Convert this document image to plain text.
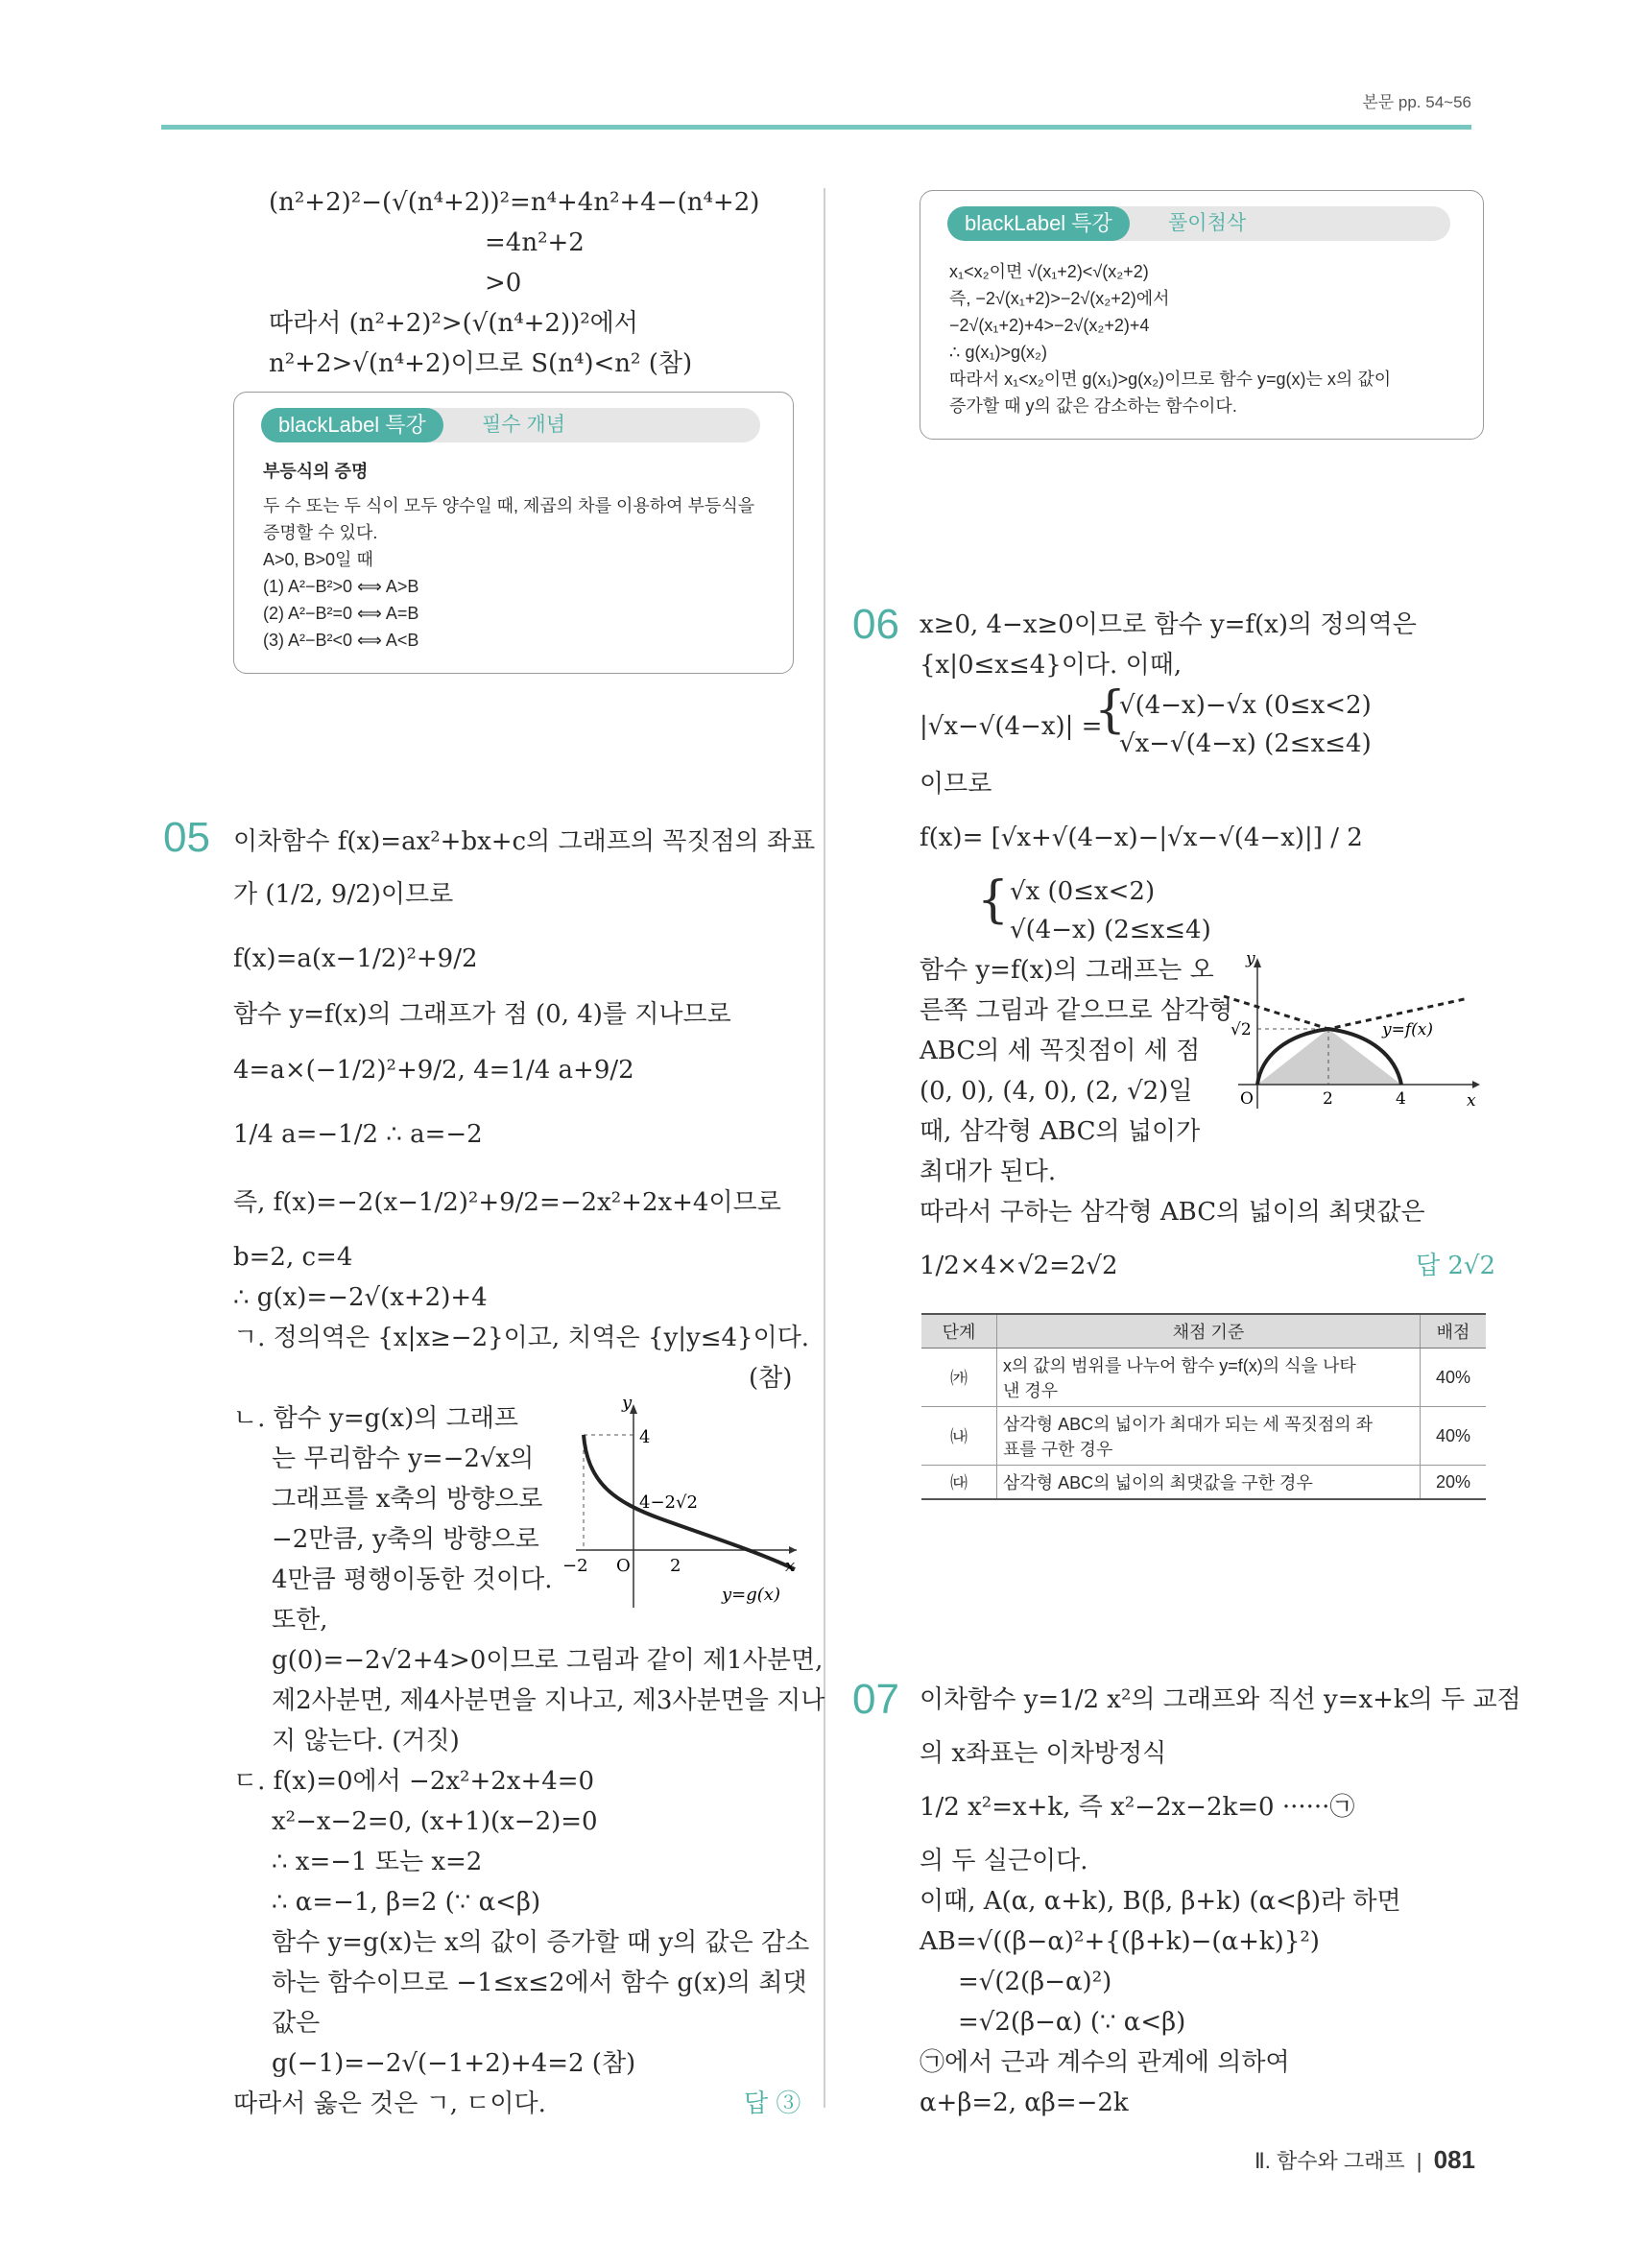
본문 pp. 54~56
(n²+2)²−(√(n⁴+2))²=n⁴+4n²+4−(n⁴+2)
=4n²+2
>0
따라서 (n²+2)²>(√(n⁴+2))²에서
n²+2>√(n⁴+2)이므로 S(n⁴)<n² (참)
blackLabel 특강	필수 개념
부등식의 증명
두 수 또는 두 식이 모두 양수일 때, 제곱의 차를 이용하여 부등식을
증명할 수 있다.
A>0, B>0일 때
(1) A²−B²>0 ⟺ A>B
(2) A²−B²=0 ⟺ A=B
(3) A²−B²<0 ⟺ A<B
05 이차함수 f(x)=ax²+bx+c의 그래프의 꼭짓점의 좌표
가 (1/2, 9/2)이므로
f(x)=a(x−1/2)²+9/2
함수 y=f(x)의 그래프가 점 (0, 4)를 지나므로
4=a×(−1/2)²+9/2, 4=1/4 a+9/2
1/4 a=−1/2 ∴ a=−2
즉, f(x)=−2(x−1/2)²+9/2=−2x²+2x+4이므로
b=2, c=4
∴ g(x)=−2√(x+2)+4
ㄱ. 정의역은 {x|x≥−2}이고, 치역은 {y|y≤4}이다.
(참)
ㄴ. 함수 y=g(x)의 그래프
는 무리함수 y=−2√x의
그래프를 x축의 방향으로
−2만큼, y축의 방향으로
4만큼 평행이동한 것이다.
또한,
g(0)=−2√2+4>0이므로 그림과 같이 제1사분면,
제2사분면, 제4사분면을 지나고, 제3사분면을 지나
지 않는다. (거짓)
ㄷ. f(x)=0에서 −2x²+2x+4=0
x²−x−2=0, (x+1)(x−2)=0
∴ x=−1 또는 x=2
∴ α=−1, β=2 (∵ α<β)
함수 y=g(x)는 x의 값이 증가할 때 y의 값은 감소
하는 함수이므로 −1≤x≤2에서 함수 g(x)의 최댓
값은
g(−1)=−2√(−1+2)+4=2 (참)
따라서 옳은 것은 ㄱ, ㄷ이다.	답 ③
y
x
O
−2	2
4
4−2√2
y=g(x)
blackLabel 특강	풀이첨삭
x₁<x₂이면 √(x₁+2)<√(x₂+2)
즉, −2√(x₁+2)>−2√(x₂+2)에서
−2√(x₁+2)+4>−2√(x₂+2)+4
∴ g(x₁)>g(x₂)
따라서 x₁<x₂이면 g(x₁)>g(x₂)이므로 함수 y=g(x)는 x의 값이
증가할 때 y의 값은 감소하는 함수이다.
06 x≥0, 4−x≥0이므로 함수 y=f(x)의 정의역은
{x|0≤x≤4}이다. 이때,
|√x−√(4−x)| =
{
√(4−x)−√x (0≤x<2)
√x−√(4−x) (2≤x≤4)
이므로
f(x)= [√x+√(4−x)−|√x−√(4−x)|] / 2
{ √x (0≤x<2)
√(4−x) (2≤x≤4)
함수 y=f(x)의 그래프는 오
른쪽 그림과 같으므로 삼각형
ABC의 세 꼭짓점이 세 점
(0, 0), (4, 0), (2, √2)일
때, 삼각형 ABC의 넓이가
최대가 된다.
따라서 구하는 삼각형 ABC의 넓이의 최댓값은
1/2×4×√2=2√2	답 2√2
y
x
O	2	4
√2	y=f(x)
단계	채점 기준	배점
㈎	x의 값의 범위를 나누어 함수 y=f(x)의 식을 나타
낸 경우	40%
㈏	삼각형 ABC의 넓이가 최대가 되는 세 꼭짓점의 좌
표를 구한 경우	40%
㈐	삼각형 ABC의 넓이의 최댓값을 구한 경우	20%
07 이차함수 y=1/2 x²의 그래프와 직선 y=x+k의 두 교점
의 x좌표는 이차방정식
1/2 x²=x+k, 즉 x²−2x−2k=0 ······㉠
의 두 실근이다.
이때, A(α, α+k), B(β, β+k) (α<β)라 하면
AB=√((β−α)²+{(β+k)−(α+k)}²)
=√(2(β−α)²)
=√2(β−α) (∵ α<β)
㉠에서 근과 계수의 관계에 의하여
α+β=2, αβ=−2k
Ⅱ. 함수와 그래프 | 081
